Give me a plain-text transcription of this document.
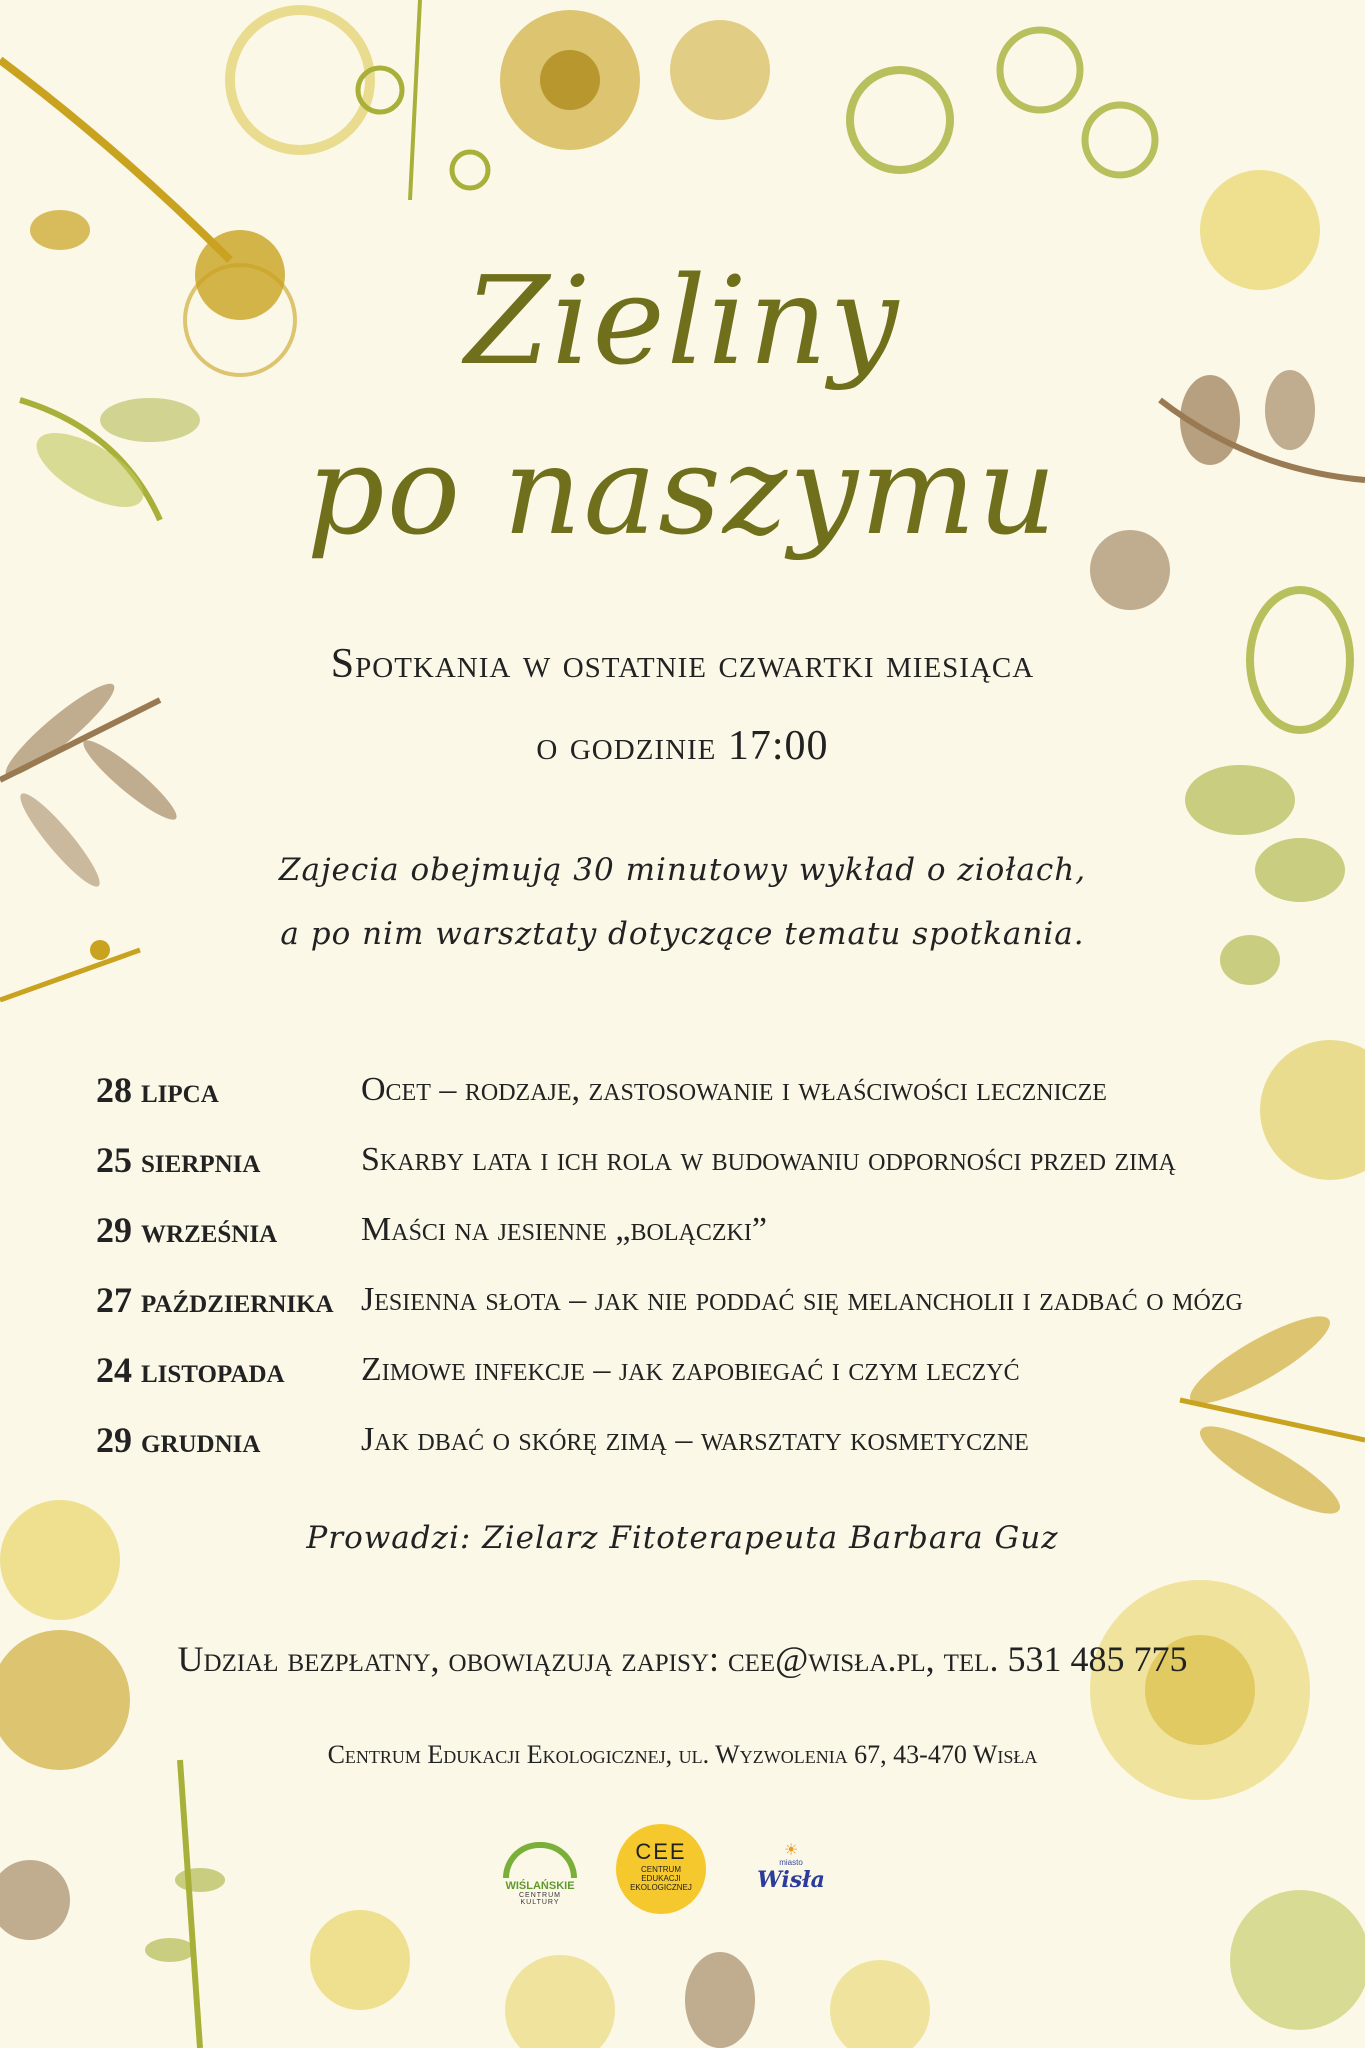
Zieliny
po naszymu
Spotkania w ostatnie czwartki miesiąca
o godzinie 17:00
Zajecia obejmują 30 minutowy wykład o ziołach,
a po nim warsztaty dotyczące tematu spotkania.
28 lipca	Ocet – rodzaje, zastosowanie i właściwości lecznicze
25 sierpnia	Skarby lata i ich rola w budowaniu odporności przed zimą
29 września	Maści na jesienne „bolączki”
27 października Jesienna słota – jak nie poddać się melancholii i zadbać o mózg
24 listopada	Zimowe infekcje – jak zapobiegać i czym leczyć
29 grudnia	Jak dbać o skórę zimą – warsztaty kosmetyczne
Prowadzi: Zielarz Fitoterapeuta Barbara Guz
Udział bezpłatny, obowiązują zapisy: cee@wisła.pl, tel. 531 485 775
Centrum Edukacji Ekologicznej, ul. Wyzwolenia 67, 43-470 Wisła
WIŚLAŃSKIE
CENTRUM KULTURY
CEE
CENTRUM
EDUKACJI
EKOLOGICZNEJ
☀
miasto
Wisła
